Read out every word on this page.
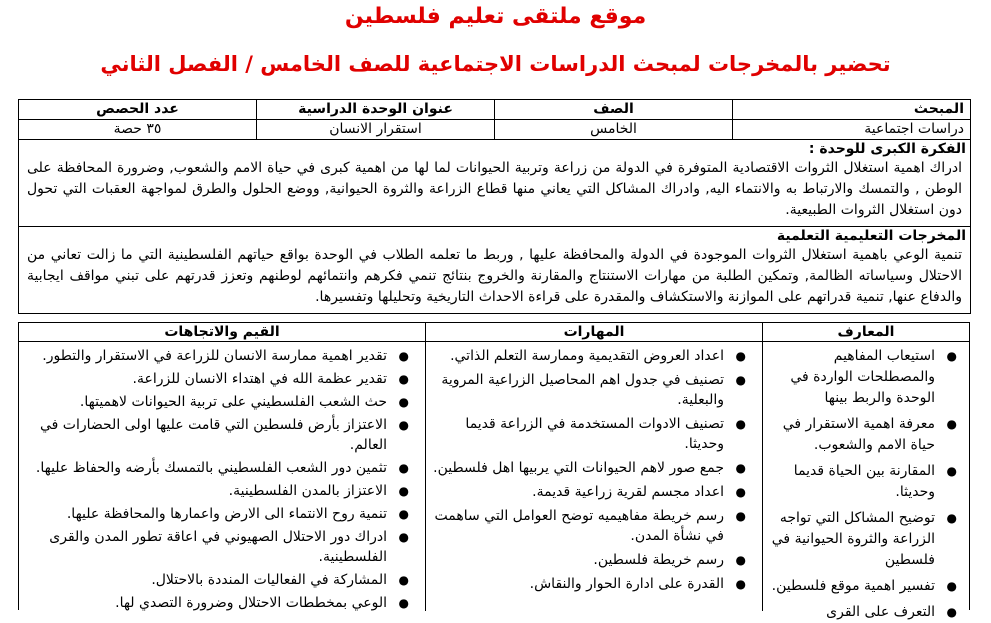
موقع ملتقى تعليم فلسطين
تحضير بالمخرجات لمبحث الدراسات الاجتماعية للصف الخامس / الفصل الثاني
المبحث	الصف	عنوان الوحدة الدراسية	عدد الحصص
دراسات اجتماعية	الخامس	استقرار الانسان	٣٥ حصة

الفكرة الكبرى للوحدة :
ادراك اهمية استغلال الثروات الاقتصادية المتوفرة في الدولة من زراعة وتربية الحيوانات لما لها من اهمية كبرى في حياة الامم والشعوب, وضرورة المحافظة على الوطن , والتمسك والارتباط به والانتماء اليه, وادراك المشاكل التي يعاني منها قطاع الزراعة والثروة الحيوانية, ووضع الحلول والطرق لمواجهة العقبات التي تحول دون استغلال الثروات الطبيعية.			

المخرجات التعليمية التعلمية
تنمية الوعي باهمية استغلال الثروات الموجودة في الدولة والمحافظة عليها , وربط ما تعلمه الطلاب في الوحدة بواقع حياتهم الفلسطينية التي ما زالت تعاني من الاحتلال وسياساته الظالمة, وتمكين الطلبة من مهارات الاستنتاج والمقارنة والخروج بنتائج تنمي فكرهم وانتمائهم لوطنهم وتعزز قدرتهم على تبني مواقف ايجابية والدفاع عنها, تنمية قدراتهم على الموازنة والاستكشاف والمقدرة على قراءة الاحداث التاريخية وتحليلها وتفسيرها.			
المعارف
●
استيعاب المفاهيم والمصطلحات الواردة في الوحدة والربط بينها
●
معرفة اهمية الاستقرار في حياة الامم والشعوب.
●
المقارنة بين الحياة قديما وحديثا.
●
توضيح المشاكل التي تواجه الزراعة والثروة الحيوانية في فلسطين
●
تفسير اهمية موقع فلسطين.
●
التعرف على القرى
المهارات
●
اعداد العروض التقديمية وممارسة التعلم الذاتي.
●
تصنيف في جدول اهم المحاصيل الزراعية المروية والبعلية.
●
تصنيف الادوات المستخدمة في الزراعة قديما وحديثا.
●
جمع صور لاهم الحيوانات التي يربيها اهل فلسطين.
●
اعداد مجسم لقرية زراعية قديمة.
●
رسم خريطة مفاهيميه توضح العوامل التي ساهمت في نشأة المدن.
●
رسم خريطة فلسطين.
●
القدرة على ادارة الحوار والنقاش.
القيم والاتجاهات
●
تقدير اهمية ممارسة الانسان للزراعة في الاستقرار والتطور.
●
تقدير عظمة الله في اهتداء الانسان للزراعة.
●
حث الشعب الفلسطيني على تربية الحيوانات لاهميتها.
●
الاعتزاز بأرض فلسطين التي قامت عليها اولى الحضارات في العالم.
●
تثمين دور الشعب الفلسطيني بالتمسك بأرضه والحفاظ عليها.
●
الاعتزاز بالمدن الفلسطينية.
●
تنمية روح الانتماء الى الارض واعمارها والمحافظة عليها.
●
ادراك دور الاحتلال الصهيوني في اعاقة تطور المدن والقرى الفلسطينية.
●
المشاركة في الفعاليات المنددة بالاحتلال.
●
الوعي بمخططات الاحتلال وضرورة التصدي لها.
